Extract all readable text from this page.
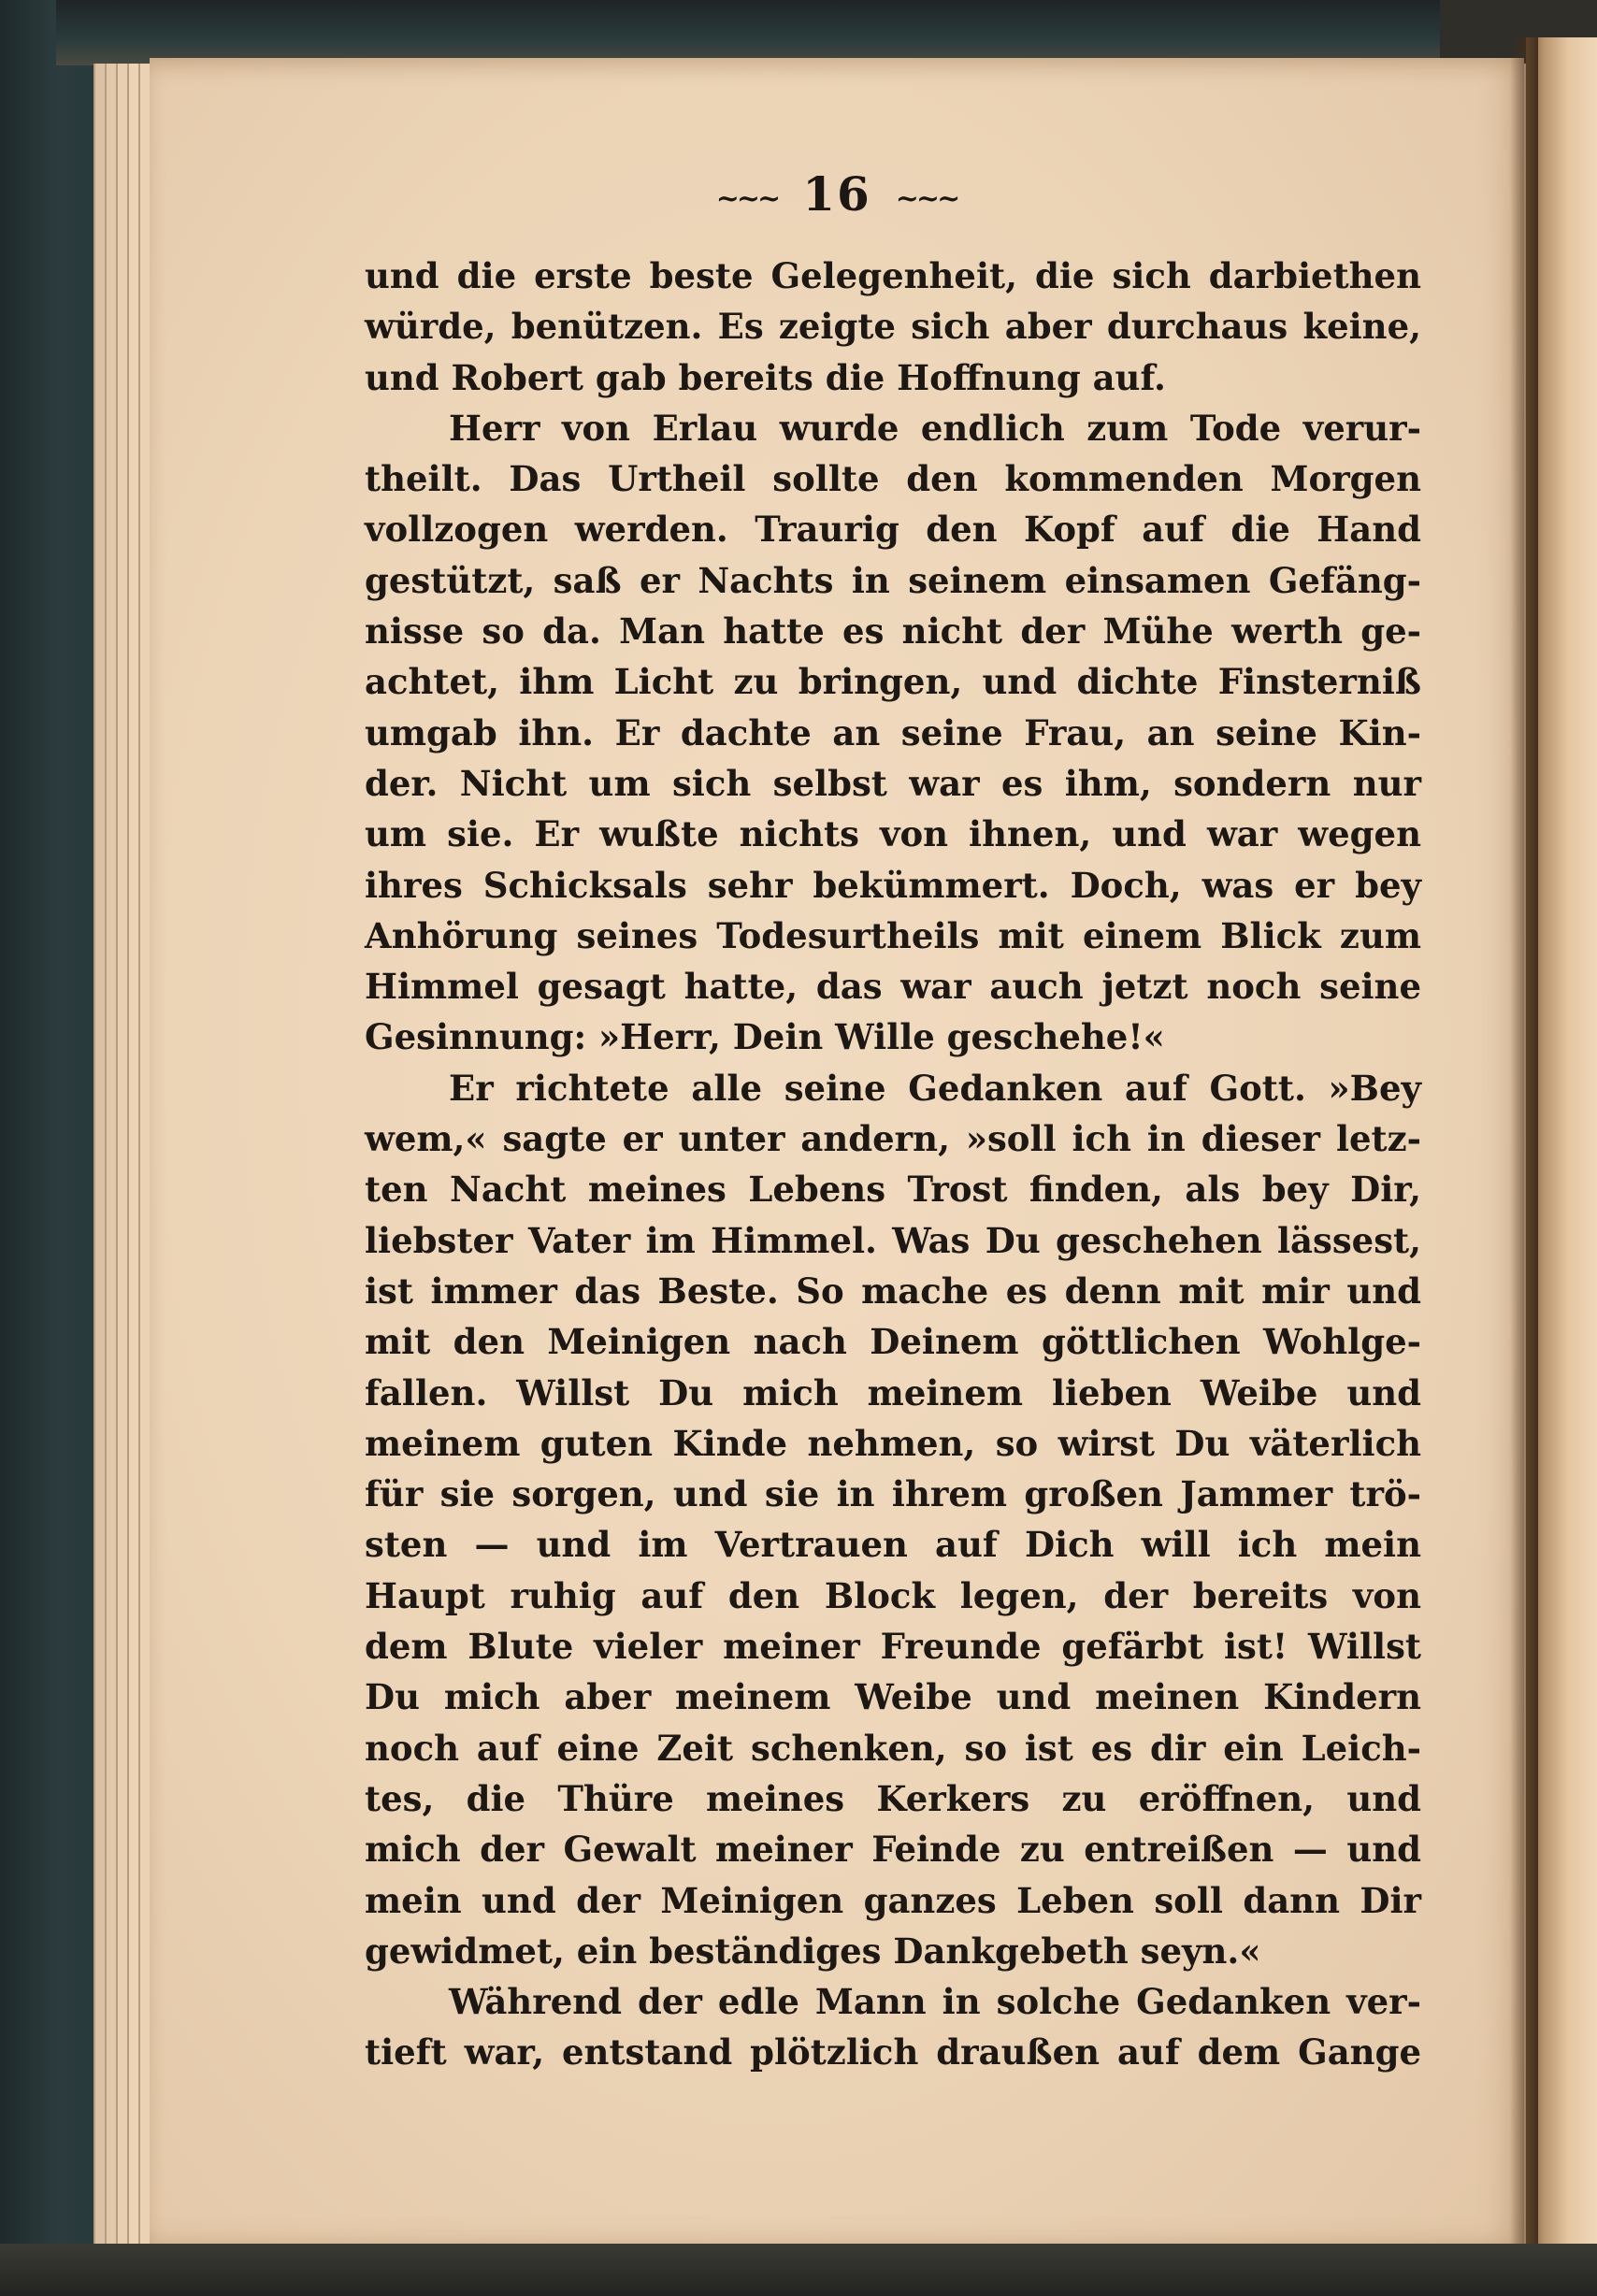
~~~ 16 ~~~
und die erste beste Gelegenheit, die sich darbiethen
würde, benützen. Es zeigte sich aber durchaus keine,
und Robert gab bereits die Hoffnung auf.
Herr von Erlau wurde endlich zum Tode verur-
theilt. Das Urtheil sollte den kommenden Morgen
vollzogen werden. Traurig den Kopf auf die Hand
gestützt, saß er Nachts in seinem einsamen Gefäng-
nisse so da. Man hatte es nicht der Mühe werth ge-
achtet, ihm Licht zu bringen, und dichte Finsterniß
umgab ihn. Er dachte an seine Frau, an seine Kin-
der. Nicht um sich selbst war es ihm, sondern nur
um sie. Er wußte nichts von ihnen, und war wegen
ihres Schicksals sehr bekümmert. Doch, was er bey
Anhörung seines Todesurtheils mit einem Blick zum
Himmel gesagt hatte, das war auch jetzt noch seine
Gesinnung: »Herr, Dein Wille geschehe!«
Er richtete alle seine Gedanken auf Gott. »Bey
wem,« sagte er unter andern, »soll ich in dieser letz-
ten Nacht meines Lebens Trost finden, als bey Dir,
liebster Vater im Himmel. Was Du geschehen lässest,
ist immer das Beste. So mache es denn mit mir und
mit den Meinigen nach Deinem göttlichen Wohlge-
fallen. Willst Du mich meinem lieben Weibe und
meinem guten Kinde nehmen, so wirst Du väterlich
für sie sorgen, und sie in ihrem großen Jammer trö-
sten — und im Vertrauen auf Dich will ich mein
Haupt ruhig auf den Block legen, der bereits von
dem Blute vieler meiner Freunde gefärbt ist! Willst
Du mich aber meinem Weibe und meinen Kindern
noch auf eine Zeit schenken, so ist es dir ein Leich-
tes, die Thüre meines Kerkers zu eröffnen, und
mich der Gewalt meiner Feinde zu entreißen — und
mein und der Meinigen ganzes Leben soll dann Dir
gewidmet, ein beständiges Dankgebeth seyn.«
Während der edle Mann in solche Gedanken ver-
tieft war, entstand plötzlich draußen auf dem Gange
